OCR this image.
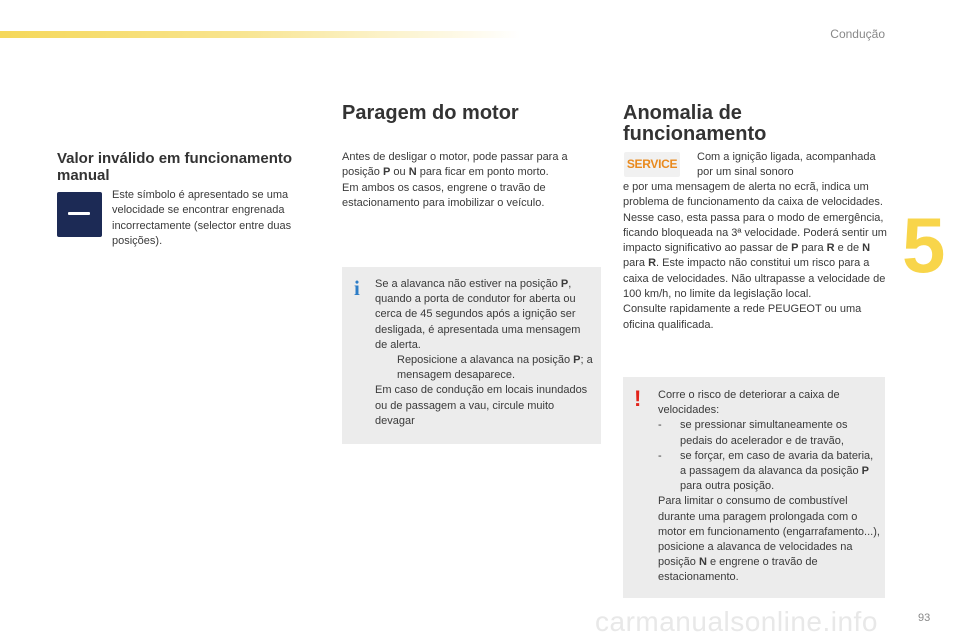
Condução
5
Valor inválido em funcionamento manual
Este símbolo é apresentado se uma velocidade se encontrar engrenada incorrectamente (selector entre duas posições).
Paragem do motor

Antes de desligar o motor, pode passar para a posição P ou N para ficar em ponto morto.

Em ambos os casos, engrene o travão de estacionamento para imobilizar o veículo.

i Se a alavanca não estiver na posição P, quando a porta de condutor for aberta ou cerca de 45 segundos após a ignição ser desligada, é apresentada uma mensagem de alerta.

Reposicione a alavanca na posição P; a mensagem desaparece.

Em caso de condução em locais inundados ou de passagem a vau, circule muito devagar

Anomalia de funcionamento
SERVICE Com a ignição ligada, acompanhada por um sinal sonoro

e por uma mensagem de alerta no ecrã, indica um problema de funcionamento da caixa de velocidades.

Nesse caso, esta passa para o modo de emergência, ficando bloqueada na 3ª velocidade. Poderá sentir um impacto significativo ao passar de P para R e de N para R. Este impacto não constitui um risco para a caixa de velocidades. Não ultrapasse a velocidade de 100 km/h, no limite da legislação local.

Consulte rapidamente a rede PEUGEOT ou uma oficina qualificada.

! Corre o risco de deteriorar a caixa de velocidades:

- se pressionar simultaneamente os pedais do acelerador e de travão,

- se forçar, em caso de avaria da bateria, a passagem da alavanca da posição P para outra posição.

Para limitar o consumo de combustível durante uma paragem prolongada com o motor em funcionamento (engarrafamento...), posicione a alavanca de velocidades na posição N e engrene o travão de estacionamento.

carmanualsonline.info	93
